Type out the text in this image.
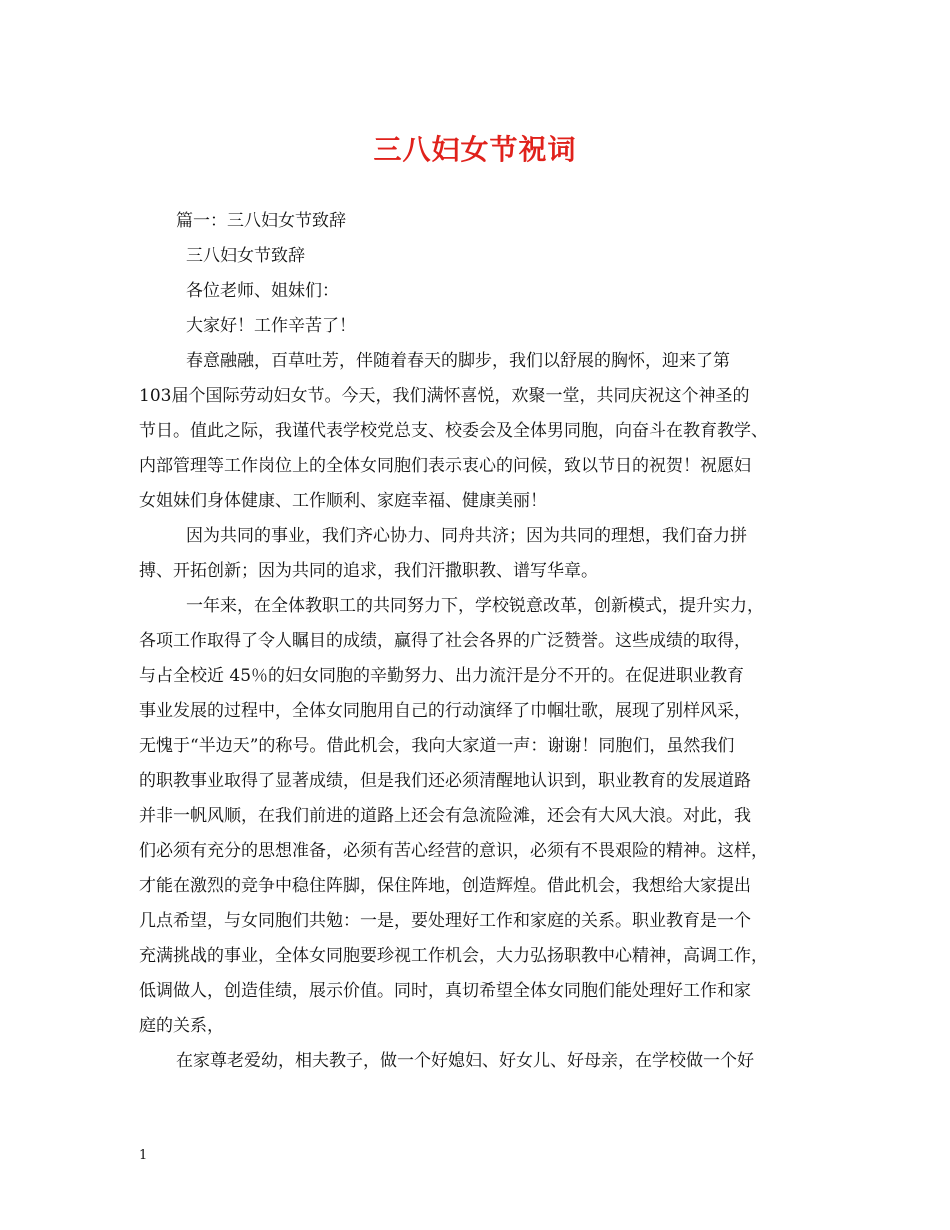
三八妇女节祝词
篇一：三八妇女节致辞
三八妇女节致辞
各位老师、姐妹们：
大家好！工作辛苦了！
春意融融，百草吐芳，伴随着春天的脚步，我们以舒展的胸怀，迎来了第
103届个国际劳动妇女节。今天，我们满怀喜悦，欢聚一堂，共同庆祝这个神圣的
节日。值此之际，我谨代表学校党总支、校委会及全体男同胞，向奋斗在教育教学、
内部管理等工作岗位上的全体女同胞们表示衷心的问候，致以节日的祝贺！祝愿妇
女姐妹们身体健康、工作顺利、家庭幸福、健康美丽！
因为共同的事业，我们齐心协力、同舟共济；因为共同的理想，我们奋力拼
搏、开拓创新；因为共同的追求，我们汗撒职教、谱写华章。
一年来，在全体教职工的共同努力下，学校锐意改革，创新模式，提升实力，
各项工作取得了令人瞩目的成绩，赢得了社会各界的广泛赞誉。这些成绩的取得，
与占全校近 45％的妇女同胞的辛勤努力、出力流汗是分不开的。在促进职业教育
事业发展的过程中，全体女同胞用自己的行动演绎了巾帼壮歌，展现了别样风采，
无愧于“半边天”的称号。借此机会，我向大家道一声：谢谢！同胞们，虽然我们
的职教事业取得了显著成绩，但是我们还必须清醒地认识到，职业教育的发展道路
并非一帆风顺，在我们前进的道路上还会有急流险滩，还会有大风大浪。对此，我
们必须有充分的思想准备，必须有苦心经营的意识，必须有不畏艰险的精神。这样，
才能在激烈的竞争中稳住阵脚，保住阵地，创造辉煌。借此机会，我想给大家提出
几点希望，与女同胞们共勉：一是，要处理好工作和家庭的关系。职业教育是一个
充满挑战的事业，全体女同胞要珍视工作机会，大力弘扬职教中心精神，高调工作，
低调做人，创造佳绩，展示价值。同时，真切希望全体女同胞们能处理好工作和家
庭的关系，
在家尊老爱幼，相夫教子，做一个好媳妇、好女儿、好母亲，在学校做一个好
1
